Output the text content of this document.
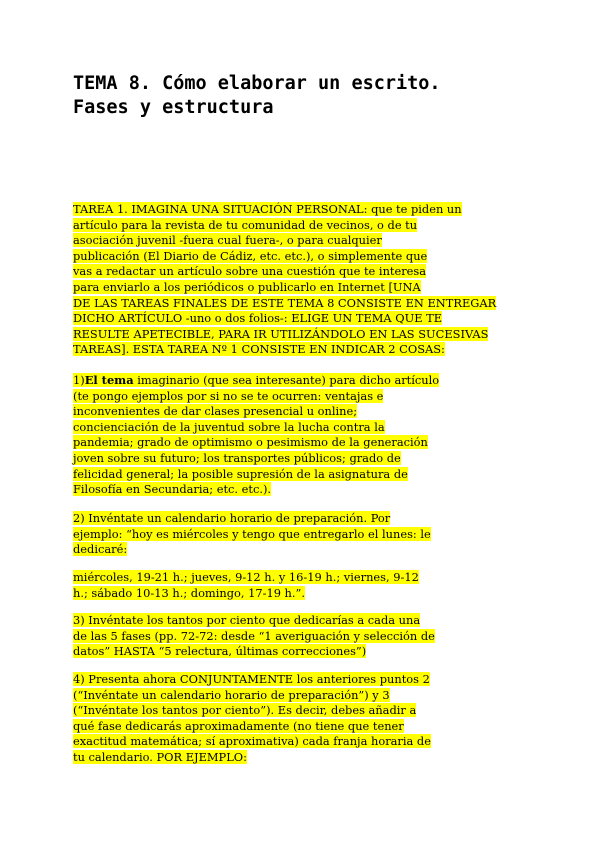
TEMA 8. Cómo elaborar un escrito.
Fases y estructura
TAREA 1. IMAGINA UNA SITUACIÓN PERSONAL: que te piden un
artículo para la revista de tu comunidad de vecinos, o de tu
asociación juvenil -fuera cual fuera-, o para cualquier
publicación (El Diario de Cádiz, etc. etc.), o simplemente que
vas a redactar un artículo sobre una cuestión que te interesa
para enviarlo a los periódicos o publicarlo en Internet [UNA
DE LAS TAREAS FINALES DE ESTE TEMA 8 CONSISTE EN ENTREGAR
DICHO ARTÍCULO -uno o dos folios-: ELIGE UN TEMA QUE TE
RESULTE APETECIBLE, PARA IR UTILIZÁNDOLO EN LAS SUCESIVAS
TAREAS]. ESTA TAREA Nº 1 CONSISTE EN INDICAR 2 COSAS:
1)El tema imaginario (que sea interesante) para dicho artículo
(te pongo ejemplos por si no se te ocurren: ventajas e
inconvenientes de dar clases presencial u online;
concienciación de la juventud sobre la lucha contra la
pandemia; grado de optimismo o pesimismo de la generación
joven sobre su futuro; los transportes públicos; grado de
felicidad general; la posible supresión de la asignatura de
Filosofía en Secundaria; etc. etc.).
2) Invéntate un calendario horario de preparación. Por
ejemplo: “hoy es miércoles y tengo que entregarlo el lunes: le
dedicaré:
miércoles, 19-21 h.; jueves, 9-12 h. y 16-19 h.; viernes, 9-12
h.; sábado 10-13 h.; domingo, 17-19 h.”.
3) Invéntate los tantos por ciento que dedicarías a cada una
de las 5 fases (pp. 72-72: desde “1 averiguación y selección de
datos” HASTA “5 relectura, últimas correcciones”)
4) Presenta ahora CONJUNTAMENTE los anteriores puntos 2
(“Invéntate un calendario horario de preparación”) y 3
(“Invéntate los tantos por ciento”). Es decir, debes añadir a
qué fase dedicarás aproximadamente (no tiene que tener
exactitud matemática; sí aproximativa) cada franja horaria de
tu calendario. POR EJEMPLO:
